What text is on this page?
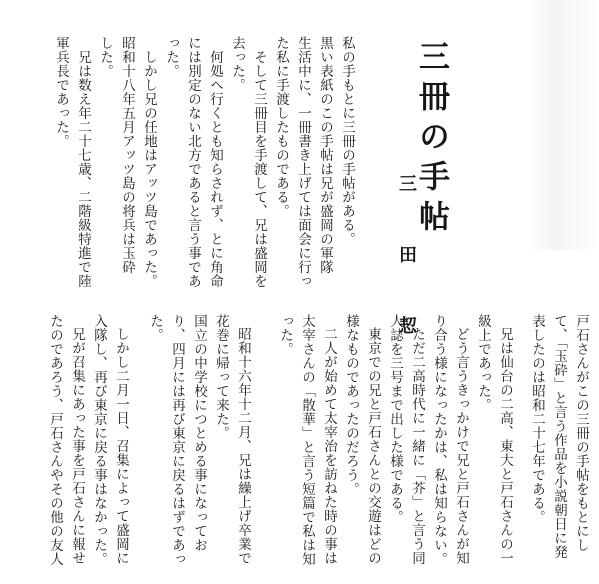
三冊の手帖
三 田 恝
私の手もとに三冊の手帖がある。
黒い表紙のこの手帖は兄が盛岡の軍隊
生活中に、一冊書き上げては面会に行っ
た私に手渡したものである。
そして三冊目を手渡して、兄は盛岡を
去った。
何処へ行くとも知らされず、とに角命
には別定のない北方であると言う事であ
った。
しかし兄の任地はアッツ島であった。
昭和十八年五月アッツ島の将兵は玉砕
した。
兄は数え年二十七歳、二階級特進で陸
軍兵長であった。
戸石さんがこの三冊の手帖をもとにし
て、「玉砕」と言う作品を小説朝日に発
表したのは昭和二十七年である。
兄は仙台の二高、東大と戸石さんの一
級上であった。
どう言うきっかけで兄と戸石さんが知
り合う様になったかは、私は知らない。
ただ二高時代に一緒に「芥」と言う同
人誌を三号まで出した様である。
東京での兄と戸石さんとの交遊はどの
様なものであったのだろう。
二人が始めて太宰治を訪ねた時の事は
太宰さんの「散華」と言う短篇で私は知
った。
昭和十六年十二月、兄は繰上げ卒業で
花巻に帰って来た。
国立の中学校につとめる事になってお
り、四月には再び東京に戻るはずであっ
た。
しかし二月一日、召集によって盛岡に
入隊し、再び東京に戻る事はなかった。
兄が召集にあった事を戸石さんに報せ
たのであろう、戸石さんやその他の友人
